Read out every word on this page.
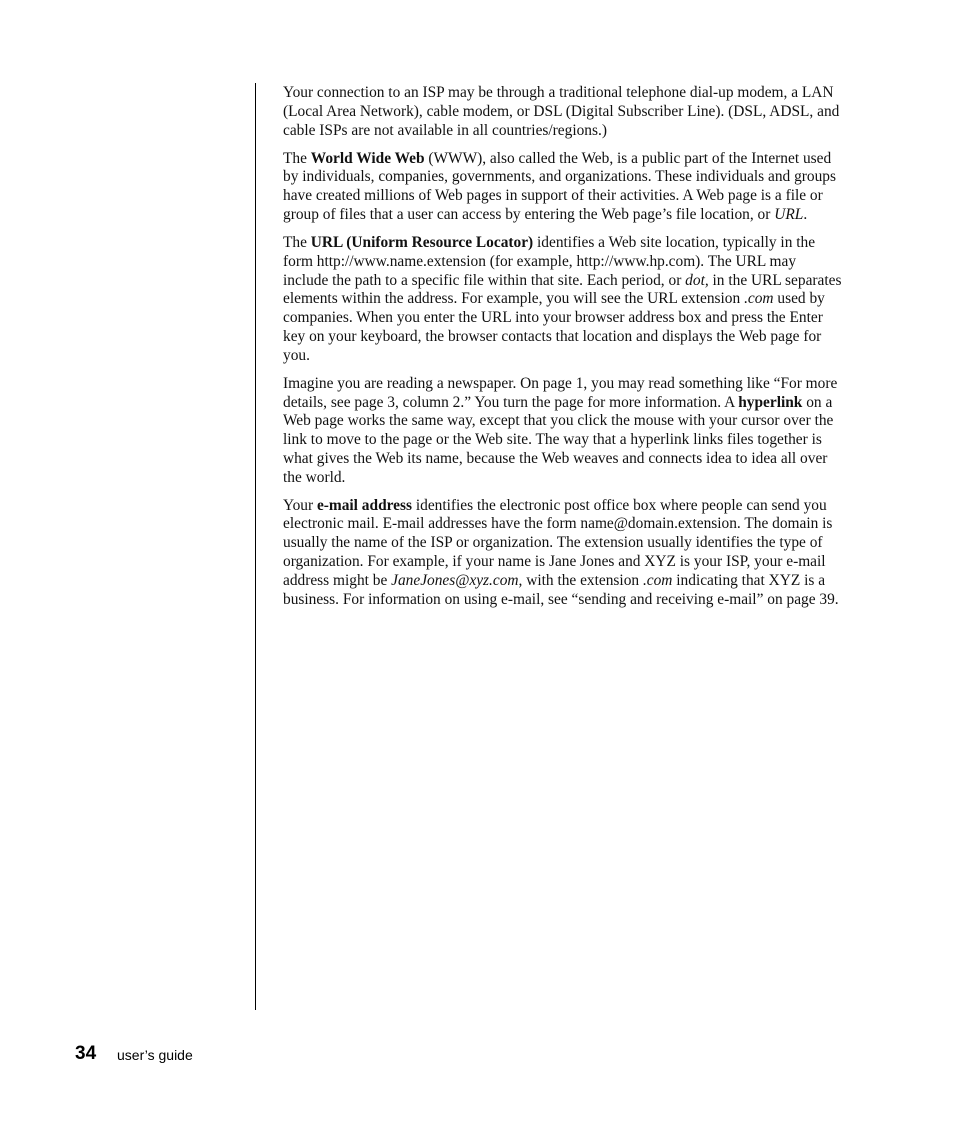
Your connection to an ISP may be through a traditional telephone dial-up modem, a LAN (Local Area Network), cable modem, or DSL (Digital Subscriber Line). (DSL, ADSL, and cable ISPs are not available in all countries/regions.)

The World Wide Web (WWW), also called the Web, is a public part of the Internet used by individuals, companies, governments, and organizations. These individuals and groups have created millions of Web pages in support of their activities. A Web page is a file or group of files that a user can access by entering the Web page’s file location, or URL.

The URL (Uniform Resource Locator) identifies a Web site location, typically in the form http://www.name.extension (for example, http://www.hp.com). The URL may include the path to a specific file within that site. Each period, or dot, in the URL separates elements within the address. For example, you will see the URL extension .com used by companies. When you enter the URL into your browser address box and press the Enter key on your keyboard, the browser contacts that location and displays the Web page for you.

Imagine you are reading a newspaper. On page 1, you may read something like “For more details, see page 3, column 2.” You turn the page for more information. A hyperlink on a Web page works the same way, except that you click the mouse with your cursor over the link to move to the page or the Web site. The way that a hyperlink links files together is what gives the Web its name, because the Web weaves and connects idea to idea all over the world.

Your e-mail address identifies the electronic post office box where people can send you electronic mail. E-mail addresses have the form name@domain.extension. The domain is usually the name of the ISP or organization. The extension usually identifies the type of organization. For example, if your name is Jane Jones and XYZ is your ISP, your e-mail address might be JaneJones@xyz.com, with the extension .com indicating that XYZ is a business. For information on using e-mail, see “sending and receiving e-mail” on page 39.

34 user’s guide
